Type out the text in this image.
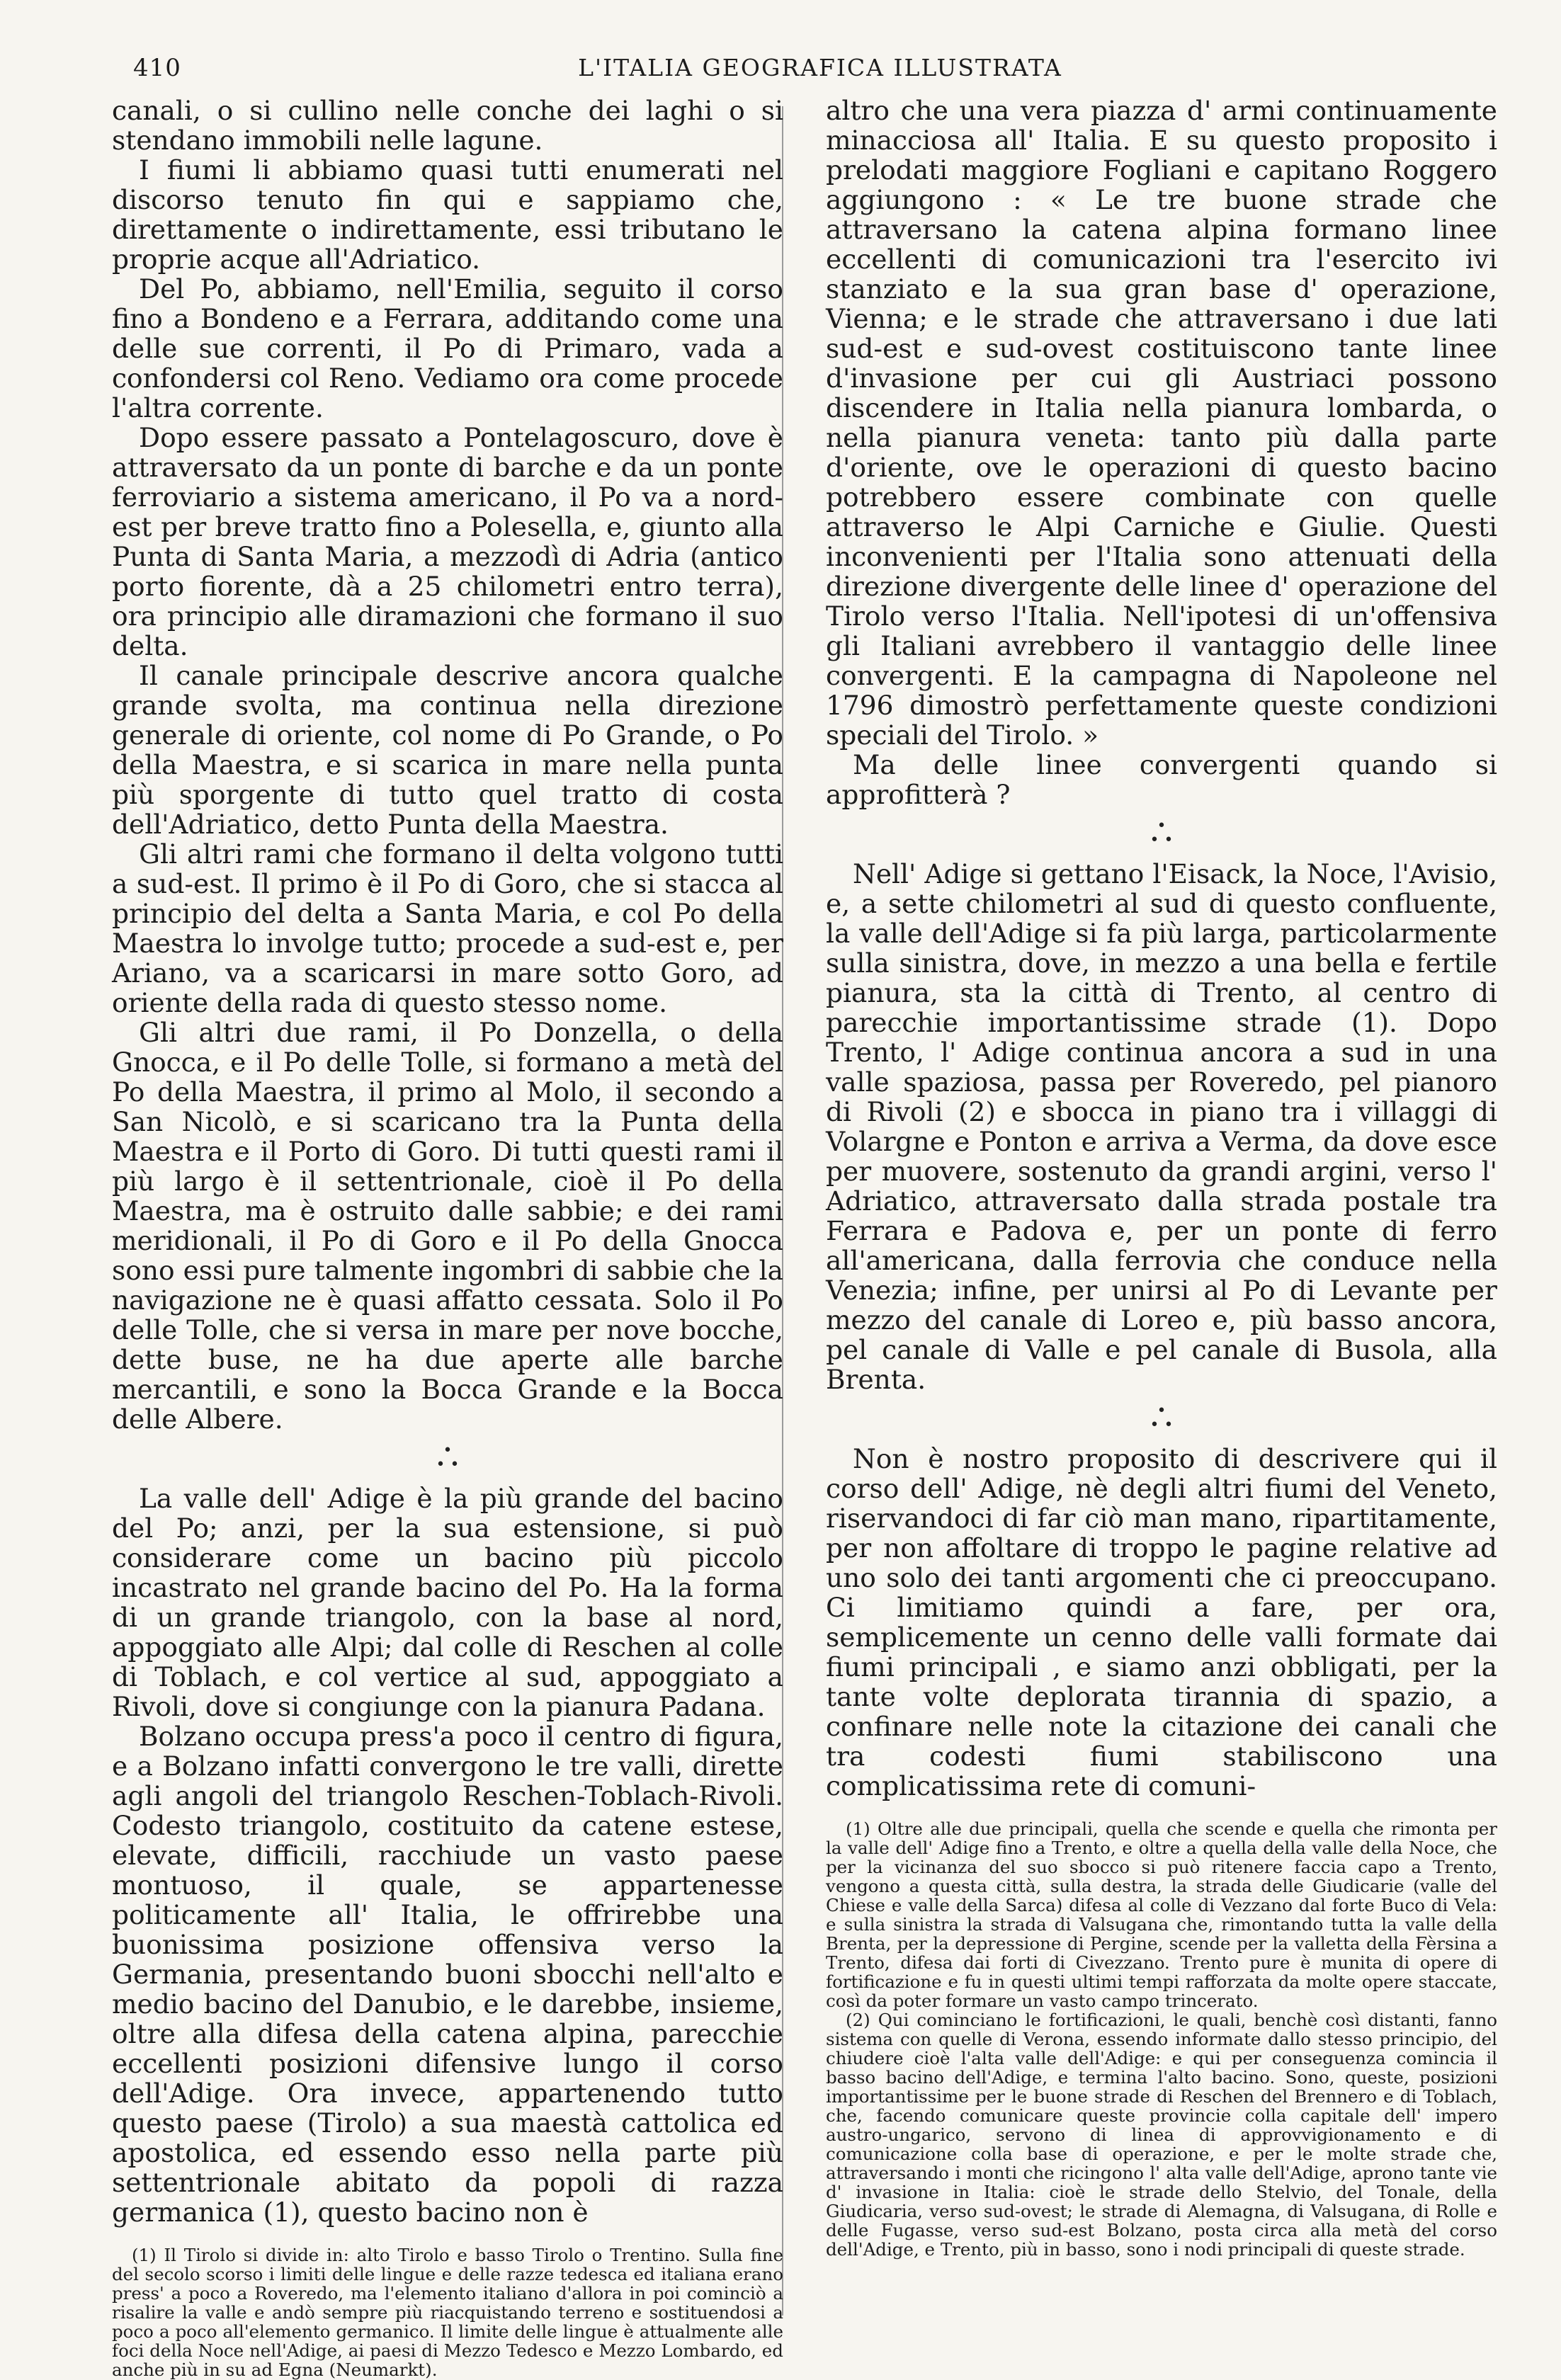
410	L'ITALIA GEOGRAFICA ILLUSTRATA

canali, o si cullino nelle conche dei laghi o si stendano immobili nelle lagune.

I fiumi li abbiamo quasi tutti enumerati nel discorso tenuto fin qui e sappiamo che, direttamente o indirettamente, essi tributano le proprie acque all'Adriatico.

Del Po, abbiamo, nell'Emilia, seguito il corso fino a Bondeno e a Ferrara, additando come una delle sue correnti, il Po di Primaro, vada a confondersi col Reno. Vediamo ora come procede l'altra corrente.

Dopo essere passato a Pontelagoscuro, dove è attraversato da un ponte di barche e da un ponte ferroviario a sistema americano, il Po va a nord-est per breve tratto fino a Polesella, e, giunto alla Punta di Santa Maria, a mezzodì di Adria (antico porto fiorente, dà a 25 chilometri entro terra), ora principio alle diramazioni che formano il suo delta.

Il canale principale descrive ancora qualche grande svolta, ma continua nella direzione generale di oriente, col nome di Po Grande, o Po della Maestra, e si scarica in mare nella punta più sporgente di tutto quel tratto di costa dell'Adriatico, detto Punta della Maestra.

Gli altri rami che formano il delta volgono tutti a sud-est. Il primo è il Po di Goro, che si stacca al principio del delta a Santa Maria, e col Po della Maestra lo involge tutto; procede a sud-est e, per Ariano, va a scaricarsi in mare sotto Goro, ad oriente della rada di questo stesso nome.

Gli altri due rami, il Po Donzella, o della Gnocca, e il Po delle Tolle, si formano a metà del Po della Maestra, il primo al Molo, il secondo a San Nicolò, e si scaricano tra la Punta della Maestra e il Porto di Goro. Di tutti questi rami il più largo è il settentrionale, cioè il Po della Maestra, ma è ostruito dalle sabbie; e dei rami meridionali, il Po di Goro e il Po della Gnocca sono essi pure talmente ingombri di sabbie che la navigazione ne è quasi affatto cessata. Solo il Po delle Tolle, che si versa in mare per nove bocche, dette buse, ne ha due aperte alle barche mercantili, e sono la Bocca Grande e la Bocca delle Albere.

•
• •

La valle dell' Adige è la più grande del bacino del Po; anzi, per la sua estensione, si può considerare come un bacino più piccolo incastrato nel grande bacino del Po. Ha la forma di un grande triangolo, con la base al nord, appoggiato alle Alpi; dal colle di Reschen al colle di Toblach, e col vertice al sud, appoggiato a Rivoli, dove si congiunge con la pianura Padana.

Bolzano occupa press'a poco il centro di figura, e a Bolzano infatti convergono le tre valli, dirette agli angoli del triangolo Reschen-Toblach-Rivoli. Codesto triangolo, costituito da catene estese, elevate, difficili, racchiude un vasto paese montuoso, il quale, se appartenesse politicamente all' Italia, le offrirebbe una buonissima posizione offensiva verso la Germania, presentando buoni sbocchi nell'alto e medio bacino del Danubio, e le darebbe, insieme, oltre alla difesa della catena alpina, parecchie eccellenti posizioni difensive lungo il corso dell'Adige. Ora invece, appartenendo tutto questo paese (Tirolo) a sua maestà cattolica ed apostolica, ed essendo esso nella parte più settentrionale abitato da popoli di razza germanica (1), questo bacino non è

(1) Il Tirolo si divide in: alto Tirolo e basso Tirolo o Trentino. Sulla fine del secolo scorso i limiti delle lingue e delle razze tedesca ed italiana erano press' a poco a Roveredo, ma l'elemento italiano d'allora in poi cominciò a risalire la valle e andò sempre più riacquistando terreno e sostituendosi a poco a poco all'elemento germanico. Il limite delle lingue è attualmente alle foci della Noce nell'Adige, ai paesi di Mezzo Tedesco e Mezzo Lombardo, ed anche più in su ad Egna (Neumarkt).

altro che una vera piazza d' armi continuamente minacciosa all' Italia. E su questo proposito i prelodati maggiore Fogliani e capitano Roggero aggiungono : « Le tre buone strade che attraversano la catena alpina formano linee eccellenti di comunicazioni tra l'esercito ivi stanziato e la sua gran base d' operazione, Vienna; e le strade che attraversano i due lati sud-est e sud-ovest costituiscono tante linee d'invasione per cui gli Austriaci possono discendere in Italia nella pianura lombarda, o nella pianura veneta: tanto più dalla parte d'oriente, ove le operazioni di questo bacino potrebbero essere combinate con quelle attraverso le Alpi Carniche e Giulie. Questi inconvenienti per l'Italia sono attenuati della direzione divergente delle linee d' operazione del Tirolo verso l'Italia. Nell'ipotesi di un'offensiva gli Italiani avrebbero il vantaggio delle linee convergenti. E la campagna di Napoleone nel 1796 dimostrò perfettamente queste condizioni speciali del Tirolo. »

Ma delle linee convergenti quando si approfitterà ?

•
• •

Nell' Adige si gettano l'Eisack, la Noce, l'Avisio, e, a sette chilometri al sud di questo confluente, la valle dell'Adige si fa più larga, particolarmente sulla sinistra, dove, in mezzo a una bella e fertile pianura, sta la città di Trento, al centro di parecchie importantissime strade (1). Dopo Trento, l' Adige continua ancora a sud in una valle spaziosa, passa per Roveredo, pel pianoro di Rivoli (2) e sbocca in piano tra i villaggi di Volargne e Ponton e arriva a Verma, da dove esce per muovere, sostenuto da grandi argini, verso l' Adriatico, attraversato dalla strada postale tra Ferrara e Padova e, per un ponte di ferro all'americana, dalla ferrovia che conduce nella Venezia; infine, per unirsi al Po di Levante per mezzo del canale di Loreo e, più basso ancora, pel canale di Valle e pel canale di Busola, alla Brenta.

•
• •

Non è nostro proposito di descrivere qui il corso dell' Adige, nè degli altri fiumi del Veneto, riservandoci di far ciò man mano, ripartitamente, per non affoltare di troppo le pagine relative ad uno solo dei tanti argomenti che ci preoccupano. Ci limitiamo quindi a fare, per ora, semplicemente un cenno delle valli formate dai fiumi principali , e siamo anzi obbligati, per la tante volte deplorata tirannia di spazio, a confinare nelle note la citazione dei canali che tra codesti fiumi stabiliscono una complicatissima rete di comuni-

(1) Oltre alle due principali, quella che scende e quella che rimonta per la valle dell' Adige fino a Trento, e oltre a quella della valle della Noce, che per la vicinanza del suo sbocco si può ritenere faccia capo a Trento, vengono a questa città, sulla destra, la strada delle Giudicarie (valle del Chiese e valle della Sarca) difesa al colle di Vezzano dal forte Buco di Vela: e sulla sinistra la strada di Valsugana che, rimontando tutta la valle della Brenta, per la depressione di Pergine, scende per la valletta della Fèrsina a Trento, difesa dai forti di Civezzano. Trento pure è munita di opere di fortificazione e fu in questi ultimi tempi rafforzata da molte opere staccate, così da poter formare un vasto campo trincerato.

(2) Qui cominciano le fortificazioni, le quali, benchè così distanti, fanno sistema con quelle di Verona, essendo informate dallo stesso principio, del chiudere cioè l'alta valle dell'Adige: e qui per conseguenza comincia il basso bacino dell'Adige, e termina l'alto bacino. Sono, queste, posizioni importantissime per le buone strade di Reschen del Brennero e di Toblach, che, facendo comunicare queste provincie colla capitale dell' impero austro-ungarico, servono di linea di approvvigionamento e di comunicazione colla base di operazione, e per le molte strade che, attraversando i monti che ricingono l' alta valle dell'Adige, aprono tante vie d' invasione in Italia: cioè le strade dello Stelvio, del Tonale, della Giudicaria, verso sud-ovest; le strade di Alemagna, di Valsugana, di Rolle e delle Fugasse, verso sud-est Bolzano, posta circa alla metà del corso dell'Adige, e Trento, più in basso, sono i nodi principali di queste strade.
